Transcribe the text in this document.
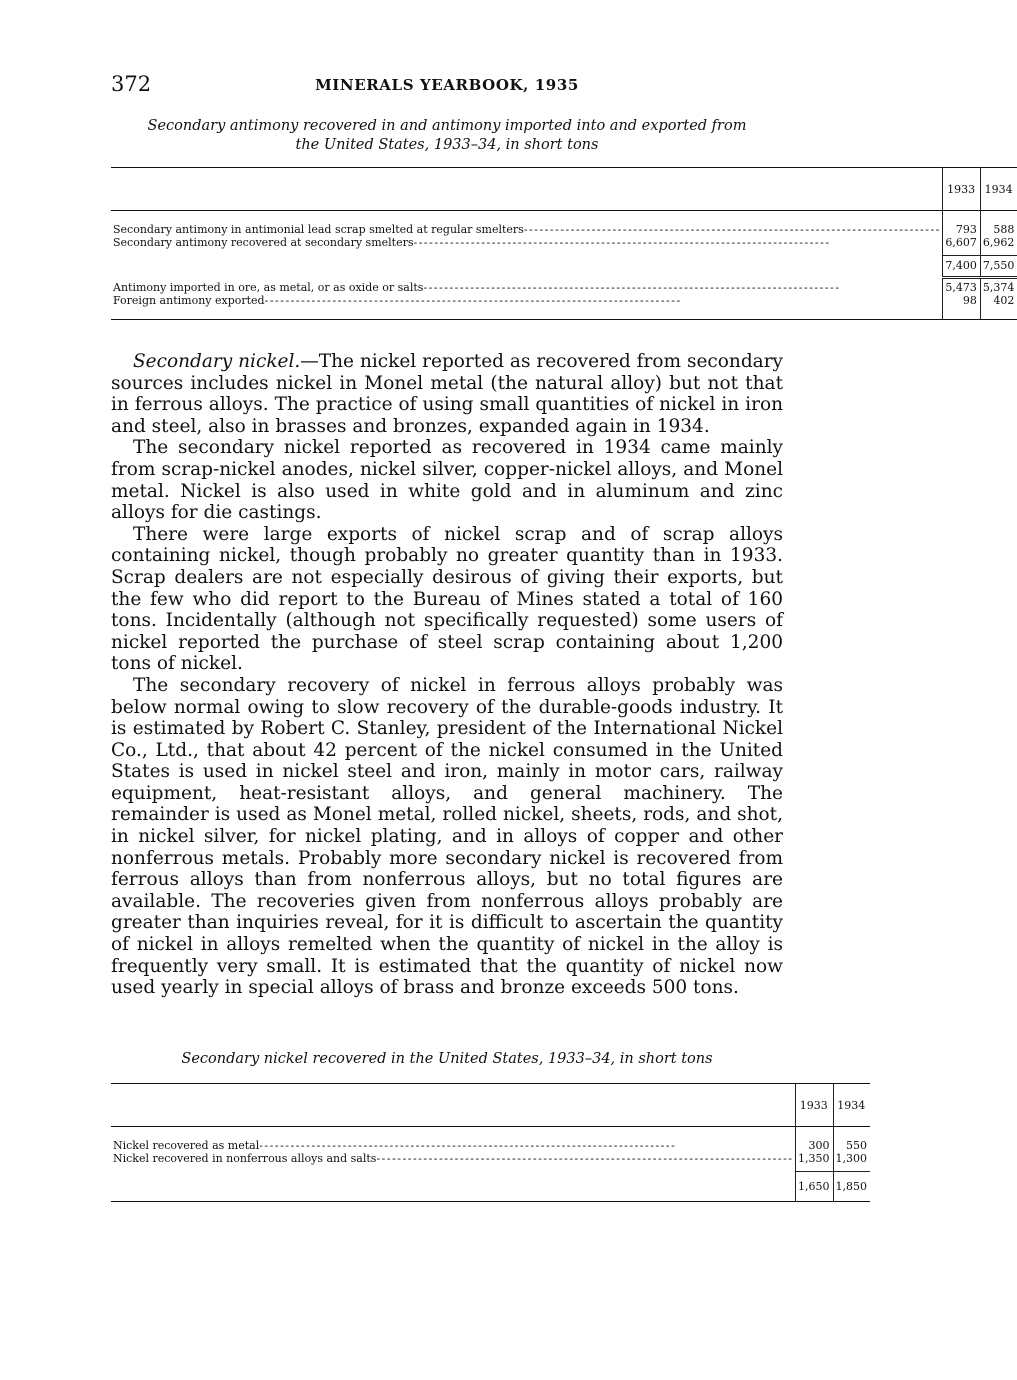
372	MINERALS YEARBOOK, 1935
Secondary antimony recovered in and antimony imported into and exported from
the United States, 1933–34, in short tons
	1933	1934

Secondary antimony in antimonial lead scrap smelted at regular smelters
- - -	793	588

Secondary antimony recovered at secondary smelters
- - -	6,607	6,962

	7,400	7,550

Antimony imported in ore, as metal, or as oxide or salts
- - -	5,473	5,374

Foreign antimony exported
- - -	98	402

Secondary nickel.—The nickel reported as recovered from secondary sources includes nickel in Monel metal (the natural alloy) but not that in ferrous alloys. The practice of using small quantities of nickel in iron and steel, also in brasses and bronzes, expanded again in 1934.

The secondary nickel reported as recovered in 1934 came mainly from scrap-nickel anodes, nickel silver, copper-nickel alloys, and Monel metal. Nickel is also used in white gold and in aluminum and zinc alloys for die castings.

There were large exports of nickel scrap and of scrap alloys containing nickel, though probably no greater quantity than in 1933. Scrap dealers are not especially desirous of giving their exports, but the few who did report to the Bureau of Mines stated a total of 160 tons. Incidentally (although not specifically requested) some users of nickel reported the purchase of steel scrap containing about 1,200 tons of nickel.

The secondary recovery of nickel in ferrous alloys probably was below normal owing to slow recovery of the durable-goods industry. It is estimated by Robert C. Stanley, president of the International Nickel Co., Ltd., that about 42 percent of the nickel consumed in the United States is used in nickel steel and iron, mainly in motor cars, railway equipment, heat-resistant alloys, and general machinery. The remainder is used as Monel metal, rolled nickel, sheets, rods, and shot, in nickel silver, for nickel plating, and in alloys of copper and other nonferrous metals. Probably more secondary nickel is recovered from ferrous alloys than from nonferrous alloys, but no total figures are available. The recoveries given from nonferrous alloys probably are greater than inquiries reveal, for it is difficult to ascertain the quantity of nickel in alloys remelted when the quantity of nickel in the alloy is frequently very small. It is estimated that the quantity of nickel now used yearly in special alloys of brass and bronze exceeds 500 tons.

Secondary nickel recovered in the United States, 1933–34, in short tons
	1933	1934

Nickel recovered as metal
- - -	300	550

Nickel recovered in nonferrous alloys and salts
- - -	1,350	1,300

	1,650	1,850
